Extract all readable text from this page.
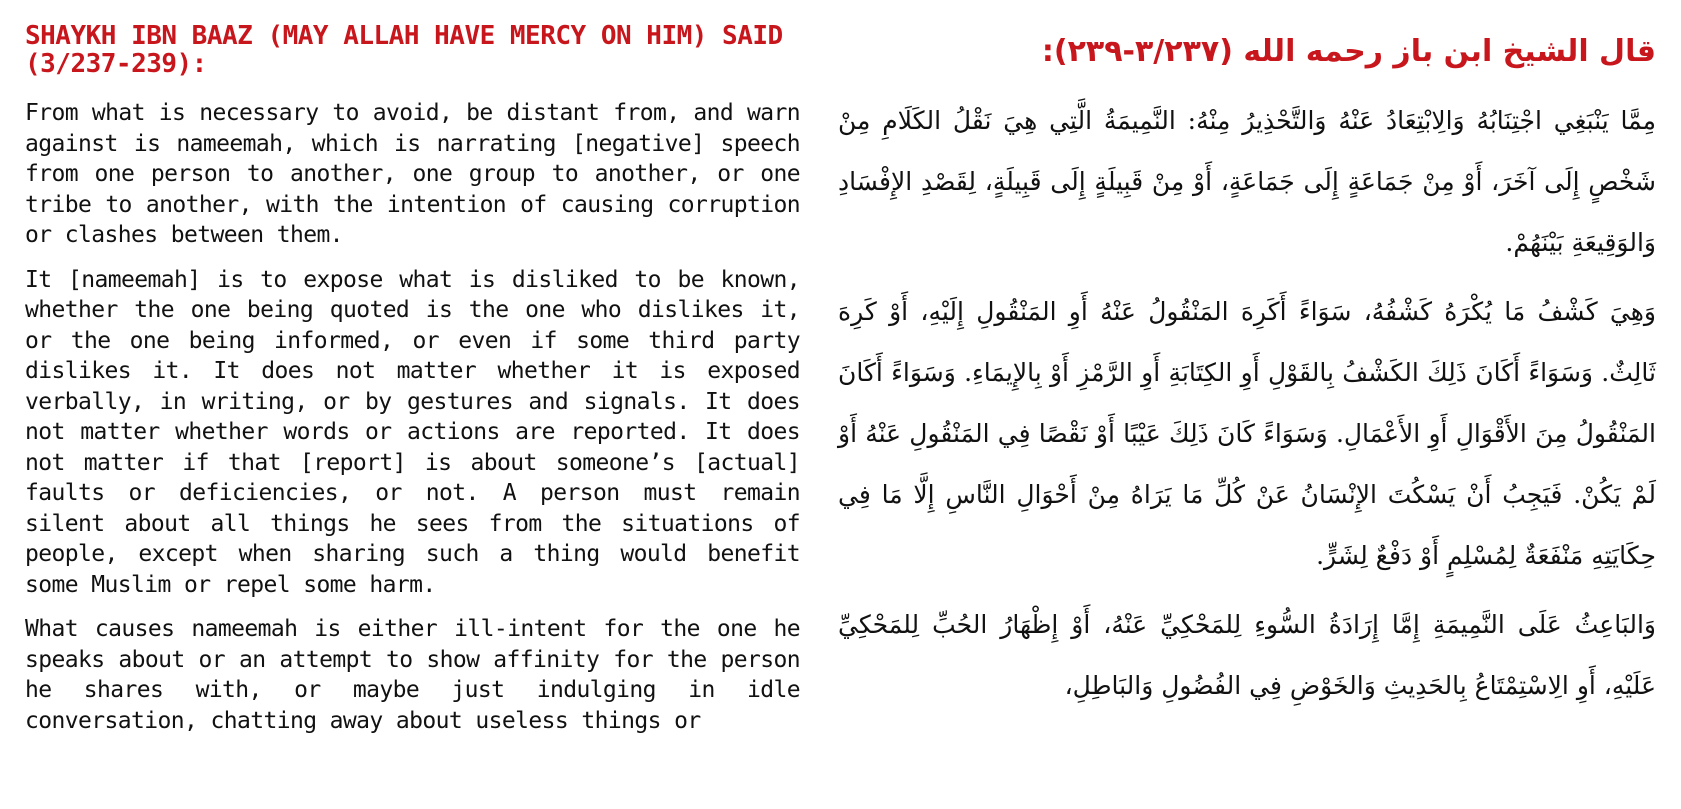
SHAYKH IBN BAAZ (MAY ALLAH HAVE MERCY ON HIM) SAID (3/237-239):

From what is necessary to avoid, be distant from, and warn against is nameemah, which is narrating [negative] speech from one person to another, one group to another, or one tribe to another, with the intention of causing corruption or clashes between them.

It [nameemah] is to expose what is disliked to be known, whether the one being quoted is the one who dislikes it, or the one being informed, or even if some third party dislikes it. It does not matter whether it is exposed verbally, in writing, or by gestures and signals. It does not matter whether words or actions are reported. It does not matter if that [report] is about someone’s [actual] faults or deficiencies, or not. A person must remain silent about all things he sees from the situations of people, except when sharing such a thing would benefit some Muslim or repel some harm.

What causes nameemah is either ill-intent for the one he speaks about or an attempt to show affinity for the person he shares with, or maybe just indulging in idle conversation, chatting away about useless things or

قال الشيخ ابن باز رحمه الله (٣/٢٣٧-٢٣٩):

مِمَّا يَنْبَغِي اجْتِنَابُهُ وَالِابْتِعَادُ عَنْهُ وَالتَّحْذِيرُ مِنْهُ: النَّمِيمَةُ الَّتِي هِيَ نَقْلُ الكَلَامِ مِنْ شَخْصٍ إِلَى آخَرَ، أَوْ مِنْ جَمَاعَةٍ إِلَى جَمَاعَةٍ، أَوْ مِنْ قَبِيلَةٍ إِلَى قَبِيلَةٍ، لِقَصْدِ الإِفْسَادِ وَالوَقِيعَةِ بَيْنَهُمْ.

وَهِيَ كَشْفُ مَا يُكْرَهُ كَشْفُهُ، سَوَاءً أَكَرِهَ المَنْقُولُ عَنْهُ أَوِ المَنْقُولِ إِلَيْهِ، أَوْ كَرِهَ ثَالِثٌ. وَسَوَاءً أَكَانَ ذَلِكَ الكَشْفُ بِالقَوْلِ أَوِ الكِتَابَةِ أَوِ الرَّمْزِ أَوْ بِالإِيمَاءِ. وَسَوَاءً أَكَانَ المَنْقُولُ مِنَ الأَقْوَالِ أَوِ الأَعْمَالِ. وَسَوَاءً كَانَ ذَلِكَ عَيْبًا أَوْ نَقْصًا فِي المَنْقُولِ عَنْهُ أَوْ لَمْ يَكُنْ. فَيَجِبُ أَنْ يَسْكُتَ الإِنْسَانُ عَنْ كُلِّ مَا يَرَاهُ مِنْ أَحْوَالِ النَّاسِ إِلَّا مَا فِي حِكَايَتِهِ مَنْفَعَةٌ لِمُسْلِمٍ أَوْ دَفْعٌ لِشَرٍّ.

وَالبَاعِثُ عَلَى النَّمِيمَةِ إِمَّا إِرَادَةُ السُّوءِ لِلمَحْكِيِّ عَنْهُ، أَوْ إِظْهَارُ الحُبِّ لِلمَحْكِيِّ عَلَيْهِ، أَوِ الِاسْتِمْتَاعُ بِالحَدِيثِ وَالخَوْضِ فِي الفُضُولِ وَالبَاطِلِ،
